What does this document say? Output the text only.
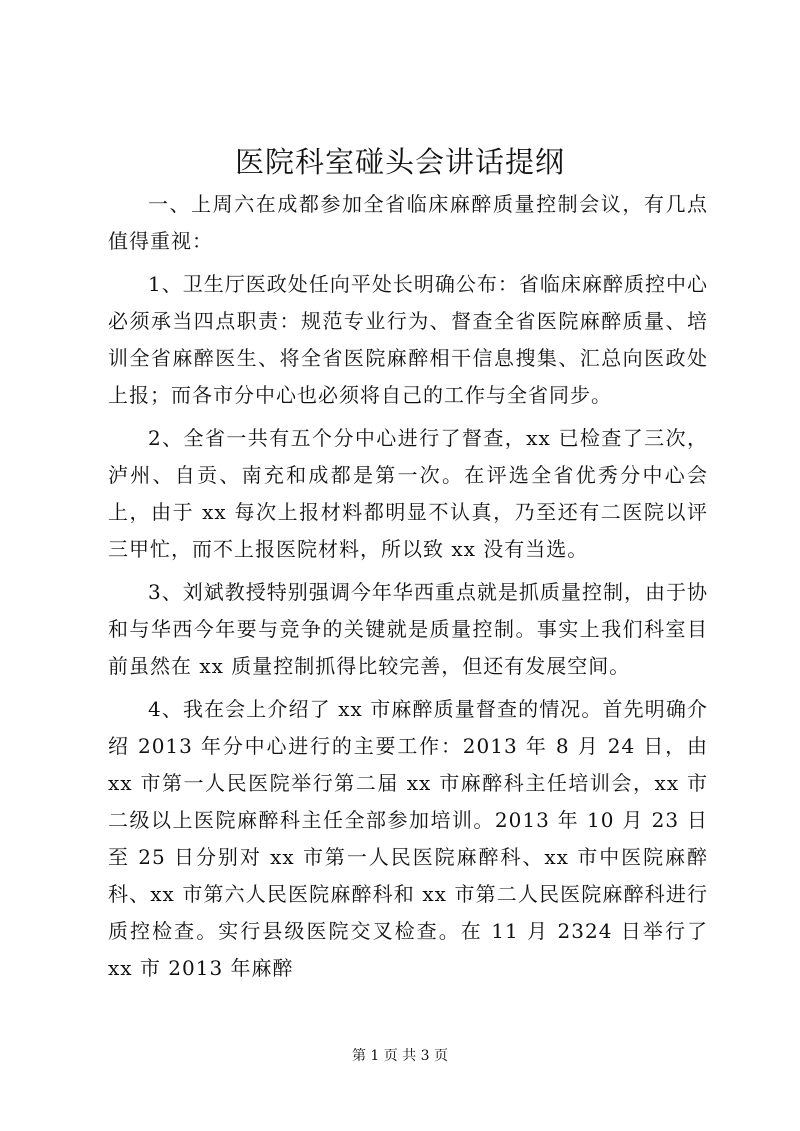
医院科室碰头会讲话提纲

一、上周六在成都参加全省临床麻醉质量控制会议，有几点值得重视：

1、卫生厅医政处任向平处长明确公布：省临床麻醉质控中心必须承当四点职责：规范专业行为、督查全省医院麻醉质量、培训全省麻醉医生、将全省医院麻醉相干信息搜集、汇总向医政处上报；而各市分中心也必须将自己的工作与全省同步。

2、全省一共有五个分中心进行了督查，xx 已检查了三次，泸州、自贡、南充和成都是第一次。在评选全省优秀分中心会上，由于 xx 每次上报材料都明显不认真，乃至还有二医院以评三甲忙，而不上报医院材料，所以致 xx 没有当选。

3、刘斌教授特别强调今年华西重点就是抓质量控制，由于协和与华西今年要与竞争的关键就是质量控制。事实上我们科室目前虽然在 xx 质量控制抓得比较完善，但还有发展空间。

4、我在会上介绍了 xx 市麻醉质量督查的情况。首先明确介绍 2013 年分中心进行的主要工作：2013 年 8 月 24 日，由 xx 市第一人民医院举行第二届 xx 市麻醉科主任培训会，xx 市二级以上医院麻醉科主任全部参加培训。2013 年 10 月 23 日至 25 日分别对 xx 市第一人民医院麻醉科、xx 市中医院麻醉科、xx 市第六人民医院麻醉科和 xx 市第二人民医院麻醉科进行质控检查。实行县级医院交叉检查。在 11 月 2324 日举行了 xx 市 2013 年麻醉

第 1 页 共 3 页
